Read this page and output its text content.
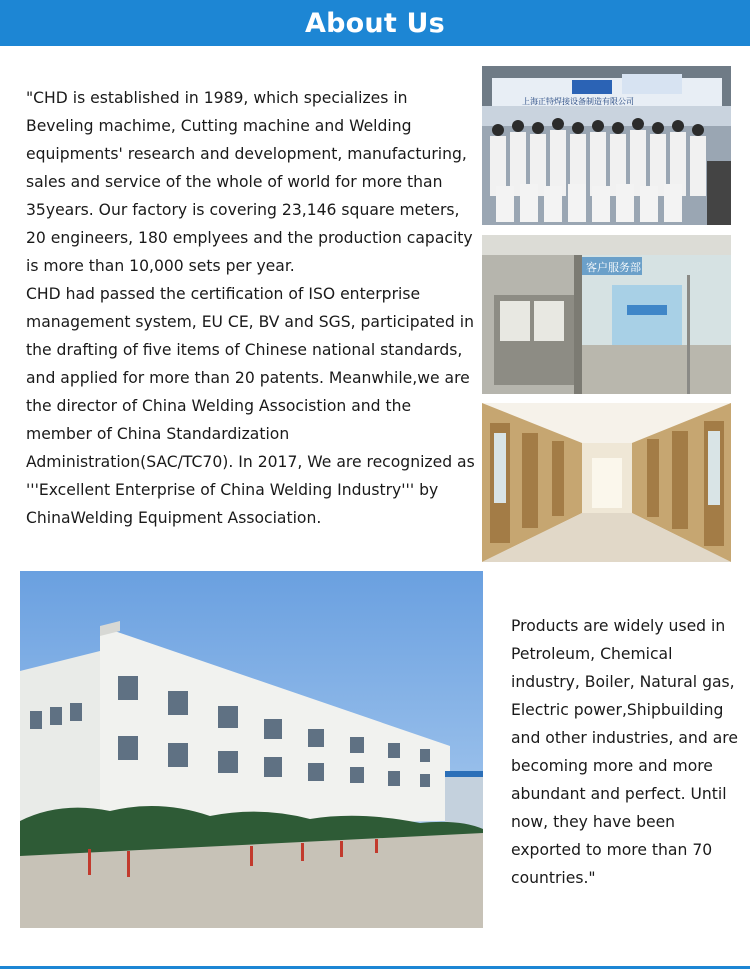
About Us

"CHD is established in 1989, which specializes in Beveling machime, Cutting machine and Welding equipments' research and development, manufacturing, sales and service of the whole of world for more than 35years. Our factory is covering 23,146 square meters, 20 engineers, 180 emplyees and the production capacity is more than 10,000 sets per year.

CHD had passed the certification of ISO enterprise management system, EU CE, BV and SGS, participated in the drafting of five items of Chinese national standards, and applied for more than 20 patents. Meanwhile,we are the director of China Welding Associstion and the member of China Standardization Administration(SAC/TC70). In 2017, We are recognized as '''Excellent Enterprise of China Welding Industry''' by ChinaWelding Equipment Association.

上海正特焊接设备制造有限公司
客户服务部
Products are widely used in Petroleum, Chemical industry, Boiler, Natural gas, Electric power,Shipbuilding and other industries, and are becoming more and more abundant and perfect. Until now, they have been exported to more than 70 countries."
